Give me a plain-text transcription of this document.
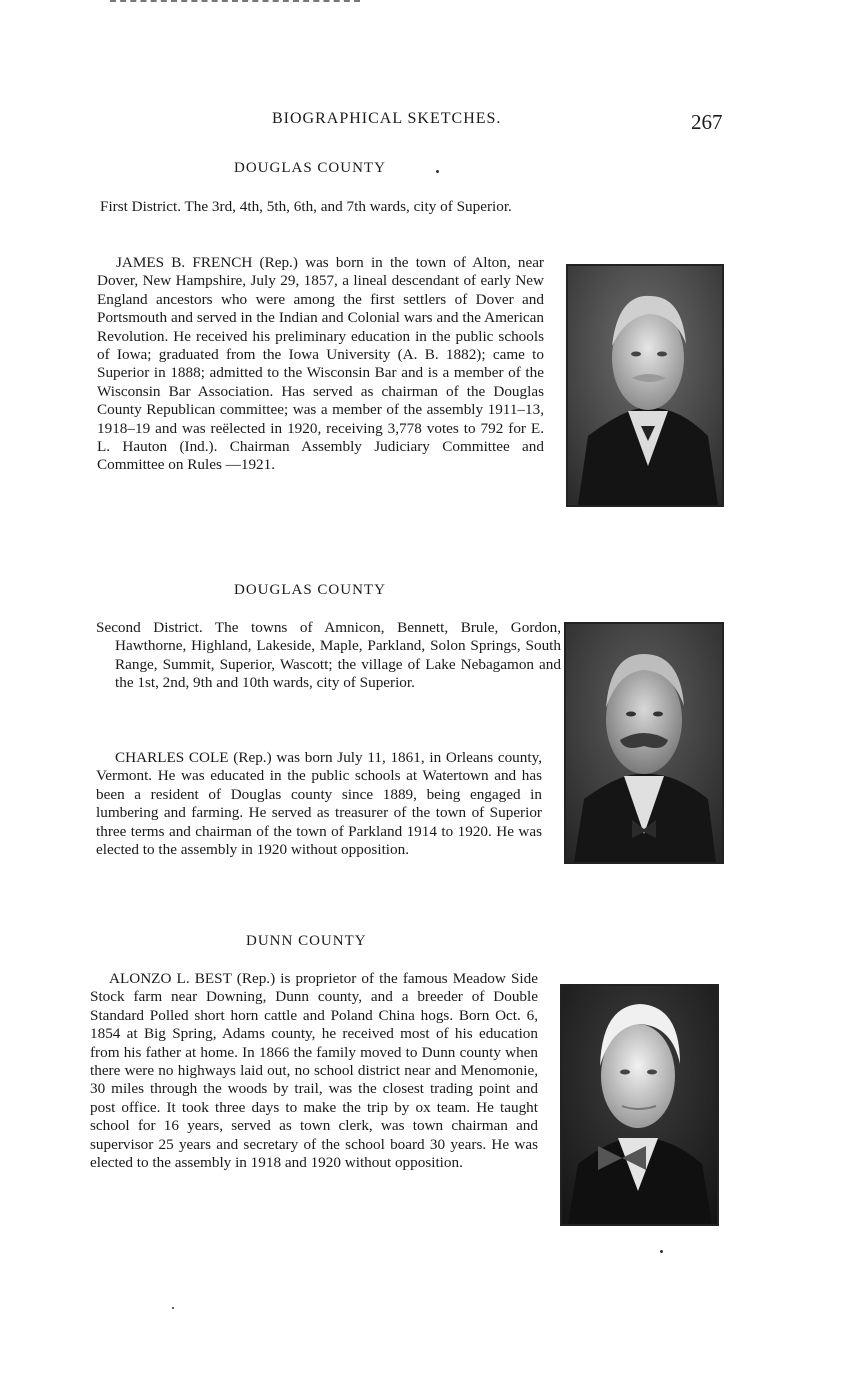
BIOGRAPHICAL SKETCHES.	267
DOUGLAS COUNTY
First District. The 3rd, 4th, 5th, 6th, and 7th wards, city of Superior.
JAMES B. FRENCH (Rep.) was born in the town of Alton, near Dover, New Hampshire, July 29, 1857, a lineal descendant of early New England ancestors who were among the first settlers of Dover and Portsmouth and served in the Indian and Colonial wars and the American Revolution. He received his preliminary education in the public schools of Iowa; graduated from the Iowa University (A. B. 1882); came to Superior in 1888; admitted to the Wisconsin Bar and is a member of the Wisconsin Bar Association. Has served as chairman of the Douglas County Republican committee; was a member of the assembly 1911–13, 1918–19 and was reëlected in 1920, receiving 3,778 votes to 792 for E. L. Hauton (Ind.). Chairman Assembly Judiciary Committee and Committee on Rules —1921.
DOUGLAS COUNTY
Second District. The towns of Amnicon, Bennett, Brule, Gordon, Hawthorne, Highland, Lakeside, Maple, Parkland, Solon Springs, South Range, Summit, Superior, Wascott; the village of Lake Nebagamon and the 1st, 2nd, 9th and 10th wards, city of Superior.
CHARLES COLE (Rep.) was born July 11, 1861, in Orleans county, Vermont. He was educated in the public schools at Watertown and has been a resident of Douglas county since 1889, being engaged in lumbering and farming. He served as treasurer of the town of Superior three terms and chairman of the town of Parkland 1914 to 1920. He was elected to the assembly in 1920 without opposition.
DUNN COUNTY
ALONZO L. BEST (Rep.) is proprietor of the famous Meadow Side Stock farm near Downing, Dunn county, and a breeder of Double Standard Polled short horn cattle and Poland China hogs. Born Oct. 6, 1854 at Big Spring, Adams county, he received most of his education from his father at home. In 1866 the family moved to Dunn county when there were no highways laid out, no school district near and Menomonie, 30 miles through the woods by trail, was the closest trading point and post office. It took three days to make the trip by ox team. He taught school for 16 years, served as town clerk, was town chairman and supervisor 25 years and secretary of the school board 30 years. He was elected to the assembly in 1918 and 1920 without opposition.
